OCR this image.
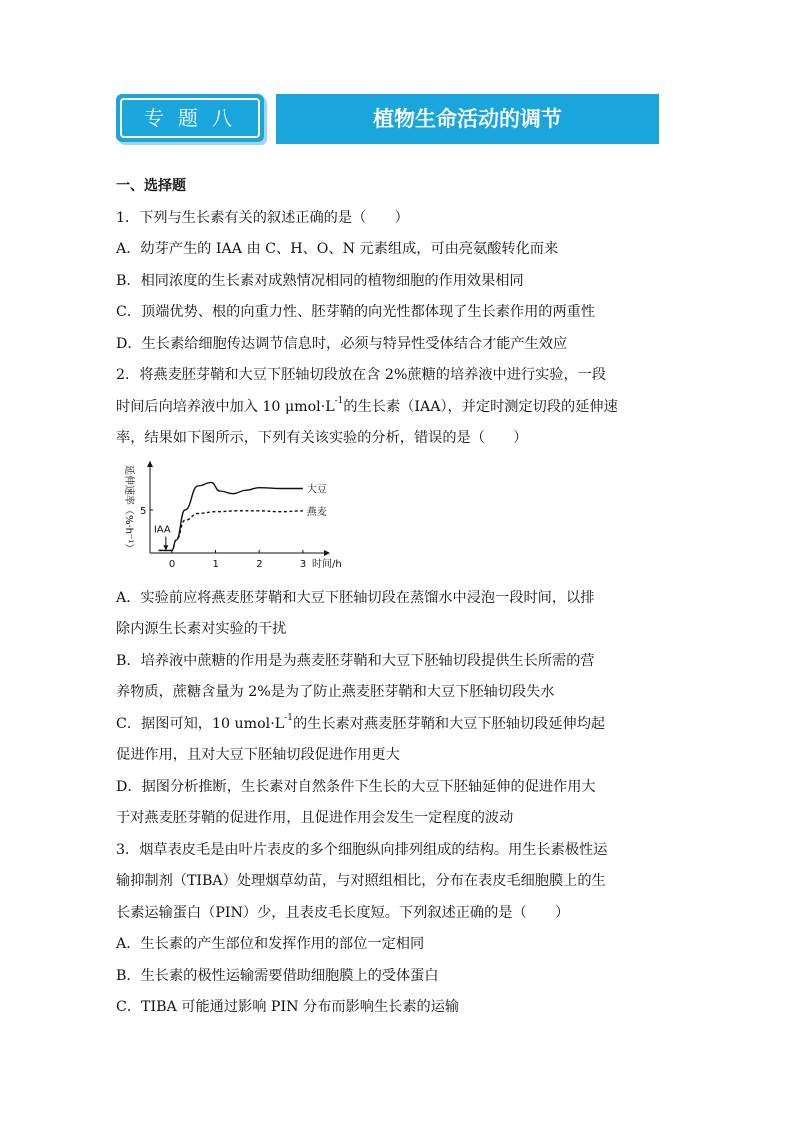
专题八	植物生命活动的调节
一、选择题
1．下列与生长素有关的叙述正确的是（　　）
A．幼芽产生的 IAA 由 C、H、O、N 元素组成，可由亮氨酸转化而来
B．相同浓度的生长素对成熟情况相同的植物细胞的作用效果相同
C．顶端优势、根的向重力性、胚芽鞘的向光性都体现了生长素作用的两重性
D．生长素给细胞传达调节信息时，必须与特异性受体结合才能产生效应
2．将燕麦胚芽鞘和大豆下胚轴切段放在含 2%蔗糖的培养液中进行实验，一段
时间后向培养液中加入 10 $\mu mol\cdot L^{-1}$的生长素（IAA），并定时测定切段的延伸速
率，结果如下图所示，下列有关该实验的分析，错误的是（　　）
延伸速率（%·h⁻¹）
0	1	2	3 时间/h
5
IAA
大豆
燕麦
A．实验前应将燕麦胚芽鞘和大豆下胚轴切段在蒸馏水中浸泡一段时间，以排
除内源生长素对实验的干扰
B．培养液中蔗糖的作用是为燕麦胚芽鞘和大豆下胚轴切段提供生长所需的营
养物质，蔗糖含量为 2%是为了防止燕麦胚芽鞘和大豆下胚轴切段失水
C．据图可知，10 $umol\cdot L^{-1}$的生长素对燕麦胚芽鞘和大豆下胚轴切段延伸均起
促进作用，且对大豆下胚轴切段促进作用更大
D．据图分析推断，生长素对自然条件下生长的大豆下胚轴延伸的促进作用大
于对燕麦胚芽鞘的促进作用，且促进作用会发生一定程度的波动
3．烟草表皮毛是由叶片表皮的多个细胞纵向排列组成的结构。用生长素极性运
输抑制剂（TIBA）处理烟草幼苗，与对照组相比，分布在表皮毛细胞膜上的生
长素运输蛋白（PIN）少，且表皮毛长度短。下列叙述正确的是（　　）
A．生长素的产生部位和发挥作用的部位一定相同
B．生长素的极性运输需要借助细胞膜上的受体蛋白
C．TIBA 可能通过影响 PIN 分布而影响生长素的运输
